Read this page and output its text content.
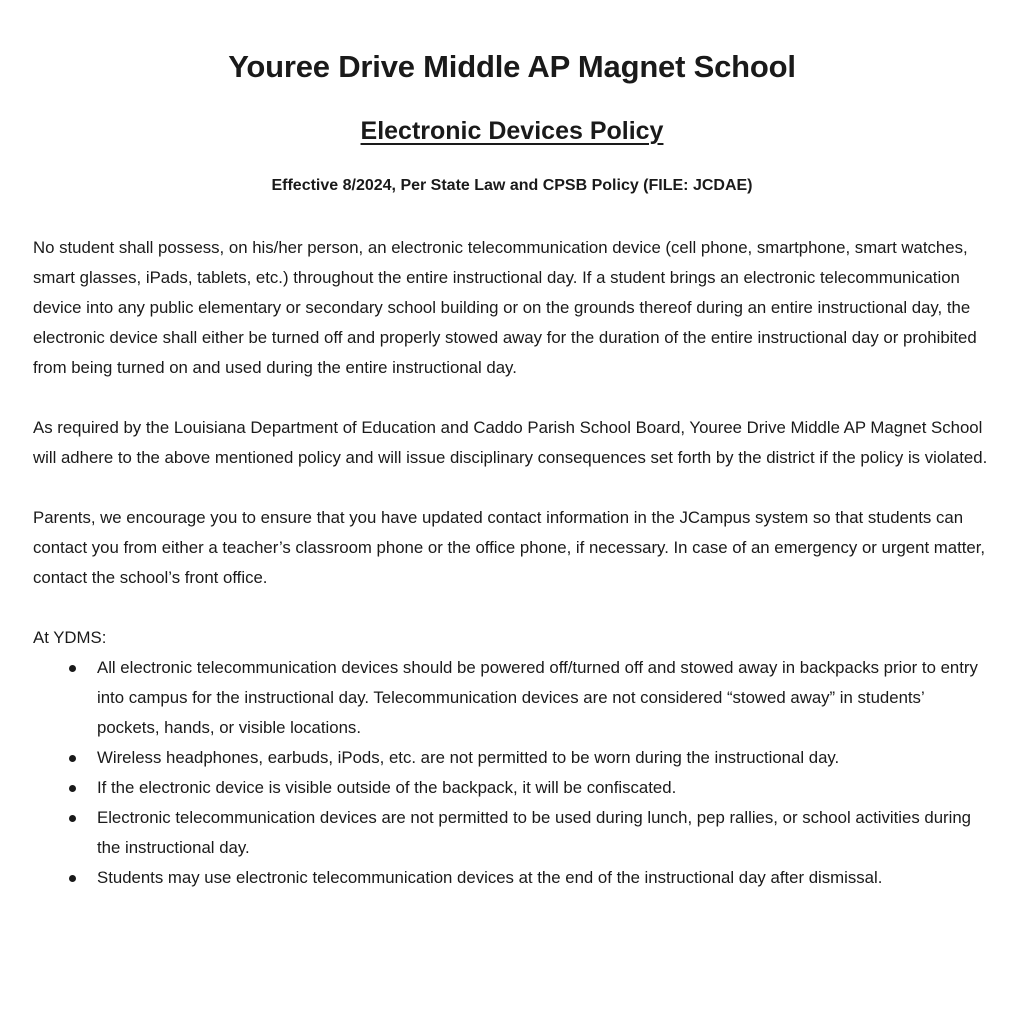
Youree Drive Middle AP Magnet School
Electronic Devices Policy

Effective 8/2024, Per State Law and CPSB Policy (FILE: JCDAE)

No student shall possess, on his/her person, an electronic telecommunication device (cell phone, smartphone, smart watches, smart glasses, iPads, tablets, etc.) throughout the entire instructional day. If a student brings an electronic telecommunication device into any public elementary or secondary school building or on the grounds thereof during an entire instructional day, the electronic device shall either be turned off and properly stowed away for the duration of the entire instructional day or prohibited from being turned on and used during the entire instructional day.

As required by the Louisiana Department of Education and Caddo Parish School Board, Youree Drive Middle AP Magnet School will adhere to the above mentioned policy and will issue disciplinary consequences set forth by the district if the policy is violated.

Parents, we encourage you to ensure that you have updated contact information in the JCampus system so that students can contact you from either a teacher’s classroom phone or the office phone, if necessary. In case of an emergency or urgent matter, contact the school’s front office.

At YDMS:

All electronic telecommunication devices should be powered off/turned off and stowed away in backpacks prior to entry into campus for the instructional day. Telecommunication devices are not considered “stowed away” in students’ pockets, hands, or visible locations.
Wireless headphones, earbuds, iPods, etc. are not permitted to be worn during the instructional day.
If the electronic device is visible outside of the backpack, it will be confiscated.
Electronic telecommunication devices are not permitted to be used during lunch, pep rallies, or school activities during the instructional day.
Students may use electronic telecommunication devices at the end of the instructional day after dismissal.
